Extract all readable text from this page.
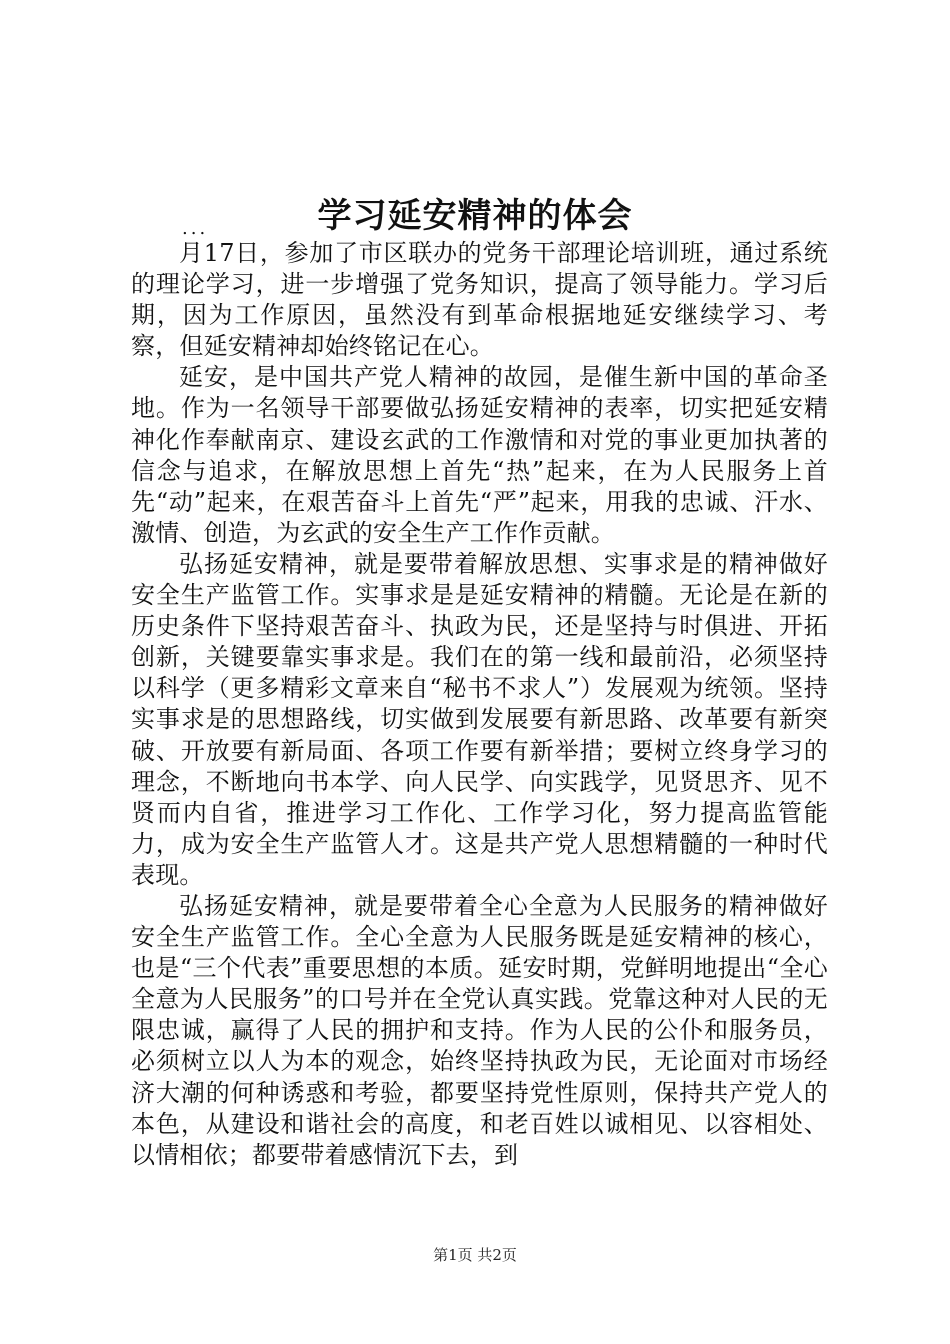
学习延安精神的体会
...

月17日，参加了市区联办的党务干部理论培训班，通过系统的理论学习，进一步增强了党务知识，提高了领导能力。学习后期，因为工作原因，虽然没有到革命根据地延安继续学习、考察，但延安精神却始终铭记在心。

延安，是中国共产党人精神的故园，是催生新中国的革命圣地。作为一名领导干部要做弘扬延安精神的表率，切实把延安精神化作奉献南京、建设玄武的工作激情和对党的事业更加执著的信念与追求，在解放思想上首先“热”起来，在为人民服务上首先“动”起来，在艰苦奋斗上首先“严”起来，用我的忠诚、汗水、激情、创造，为玄武的安全生产工作作贡献。

弘扬延安精神，就是要带着解放思想、实事求是的精神做好安全生产监管工作。实事求是是延安精神的精髓。无论是在新的历史条件下坚持艰苦奋斗、执政为民，还是坚持与时俱进、开拓创新，关键要靠实事求是。我们在的第一线和最前沿，必须坚持以科学（更多精彩文章来自“秘书不求人”）发展观为统领。坚持实事求是的思想路线，切实做到发展要有新思路、改革要有新突破、开放要有新局面、各项工作要有新举措；要树立终身学习的理念，不断地向书本学、向人民学、向实践学，见贤思齐、见不贤而内自省，推进学习工作化、工作学习化，努力提高监管能力，成为安全生产监管人才。这是共产党人思想精髓的一种时代表现。

弘扬延安精神，就是要带着全心全意为人民服务的精神做好安全生产监管工作。全心全意为人民服务既是延安精神的核心，也是“三个代表”重要思想的本质。延安时期，党鲜明地提出“全心全意为人民服务”的口号并在全党认真实践。党靠这种对人民的无限忠诚，赢得了人民的拥护和支持。作为人民的公仆和服务员，必须树立以人为本的观念，始终坚持执政为民，无论面对市场经济大潮的何种诱惑和考验，都要坚持党性原则，保持共产党人的本色，从建设和谐社会的高度，和老百姓以诚相见、以容相处、以情相依；都要带着感情沉下去，到

第1页 共2页
